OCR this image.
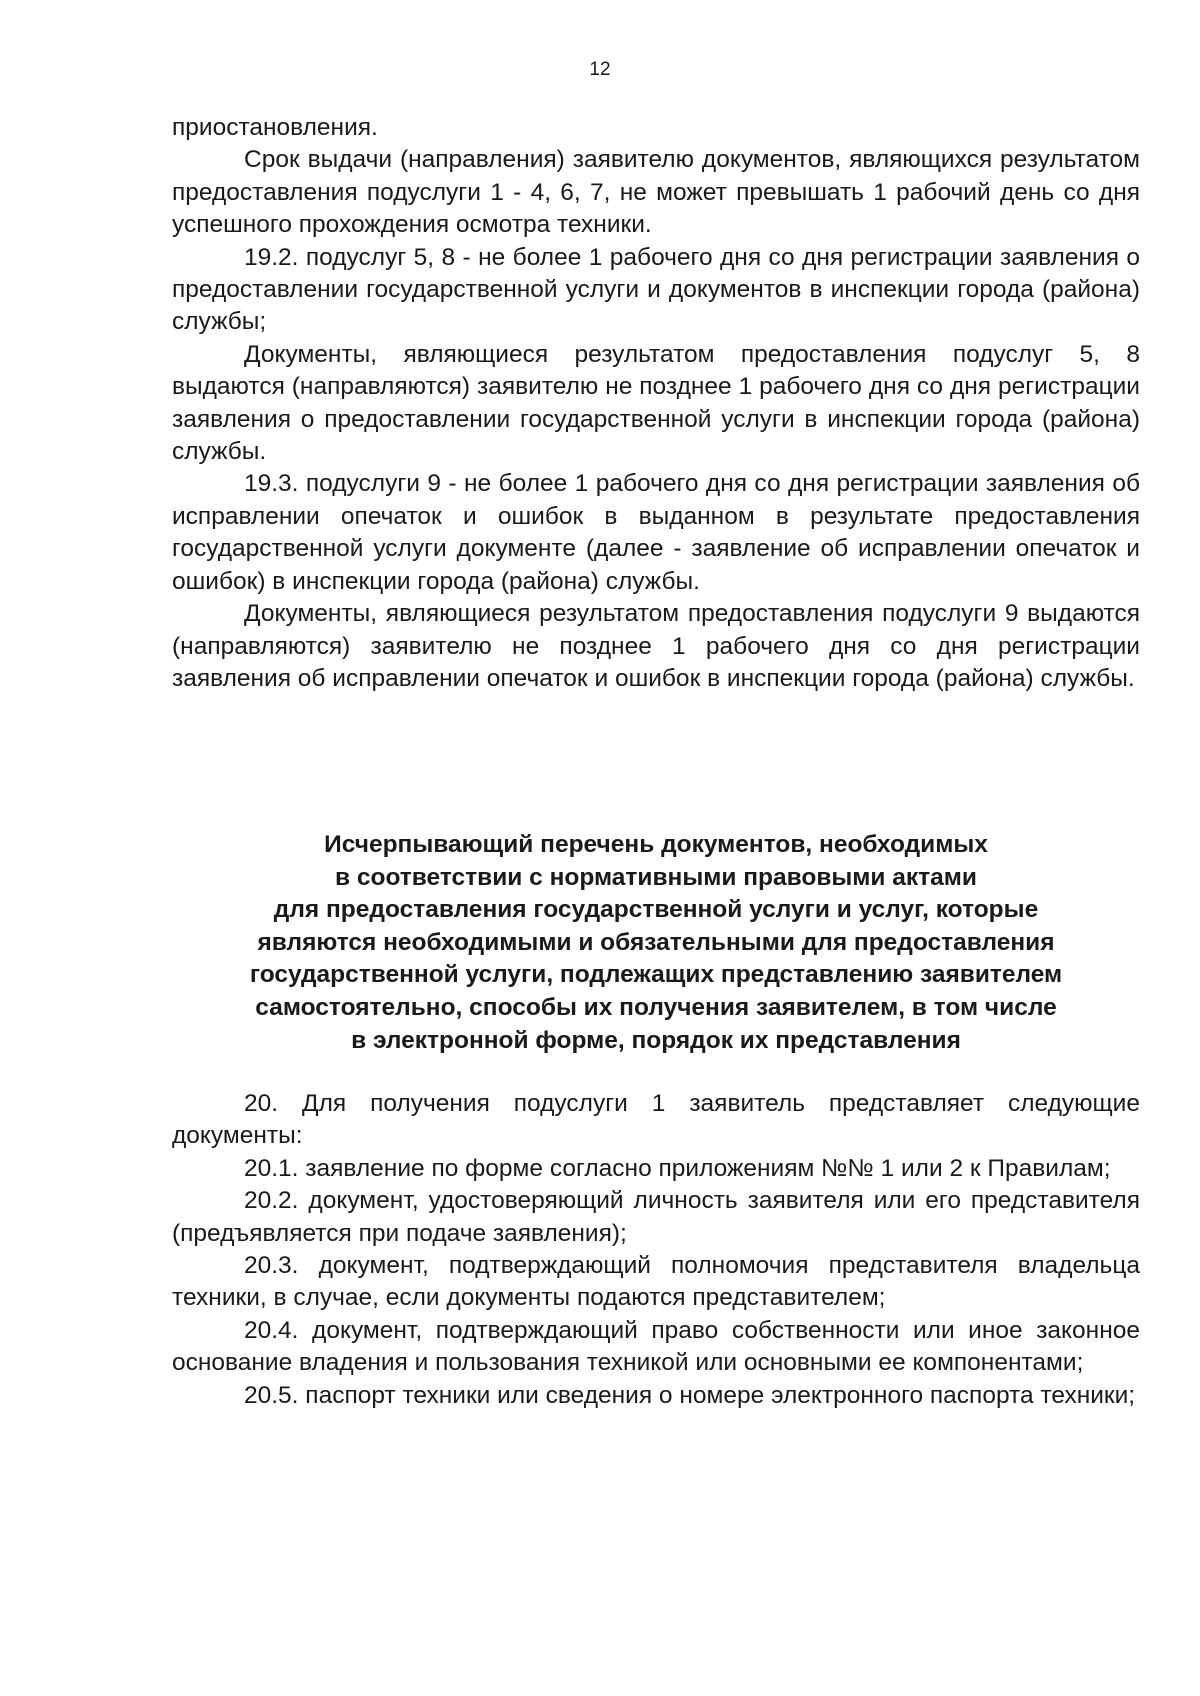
12

приостановления.

Срок выдачи (направления) заявителю документов, являющихся результатом предоставления подуслуги 1 - 4, 6, 7, не может превышать 1 рабочий день со дня успешного прохождения осмотра техники.

19.2. подуслуг 5, 8 - не более 1 рабочего дня со дня регистрации заявления о предоставлении государственной услуги и документов в инспекции города (района) службы;

Документы, являющиеся результатом предоставления подуслуг 5, 8 выдаются (направляются) заявителю не позднее 1 рабочего дня со дня регистрации заявления о предоставлении государственной услуги в инспекции города (района) службы.

19.3. подуслуги 9 - не более 1 рабочего дня со дня регистрации заявления об исправлении опечаток и ошибок в выданном в результате предоставления государственной услуги документе (далее - заявление об исправлении опечаток и ошибок) в инспекции города (района) службы.

Документы, являющиеся результатом предоставления подуслуги 9 выдаются (направляются) заявителю не позднее 1 рабочего дня со дня регистрации заявления об исправлении опечаток и ошибок в инспекции города (района) службы.

Исчерпывающий перечень документов, необходимых
в соответствии с нормативными правовыми актами
для предоставления государственной услуги и услуг, которые
являются необходимыми и обязательными для предоставления
государственной услуги, подлежащих представлению заявителем
самостоятельно, способы их получения заявителем, в том числе
в электронной форме, порядок их представления

20. Для получения подуслуги 1 заявитель представляет следующие документы:

20.1. заявление по форме согласно приложениям №№ 1 или 2 к Правилам;

20.2. документ, удостоверяющий личность заявителя или его представителя (предъявляется при подаче заявления);

20.3. документ, подтверждающий полномочия представителя владельца техники, в случае, если документы подаются представителем;

20.4. документ, подтверждающий право собственности или иное законное основание владения и пользования техникой или основными ее компонентами;

20.5. паспорт техники или сведения о номере электронного паспорта техники;
